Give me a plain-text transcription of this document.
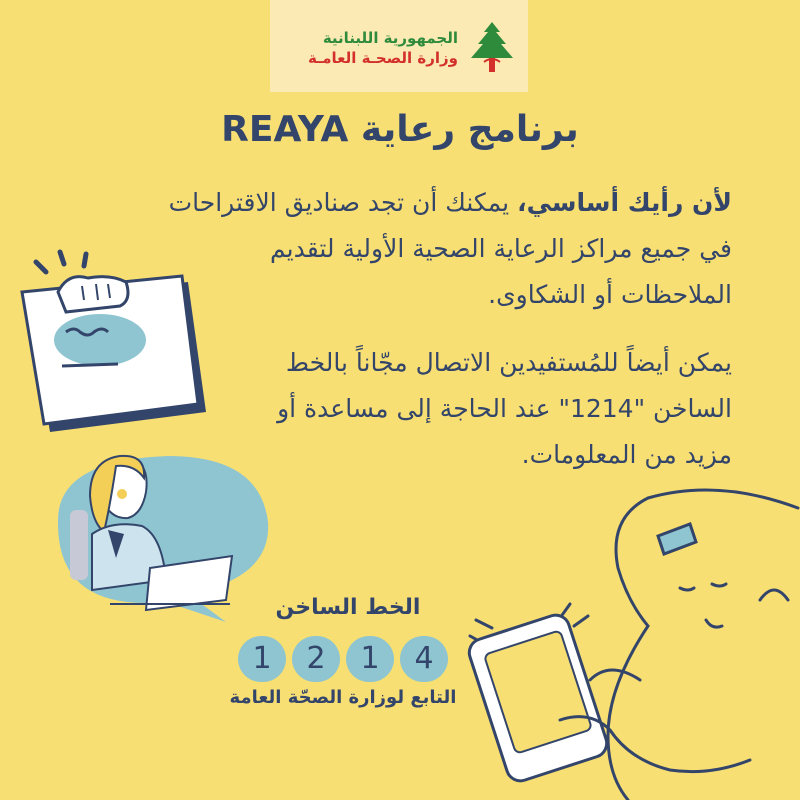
الجمهورية اللبنانية
وزارة الصحـة العامـة
برنامج رعاية REAYA
لأن رأيك أساسي، يمكنك أن تجد صناديق الاقتراحات في جميع مراكز الرعاية الصحية الأولية لتقديم الملاحظات أو الشكاوى.
يمكن أيضاً للمُستفيدين الاتصال مجّاناً بالخط الساخن "1214" عند الحاجة إلى مساعدة أو مزيد من المعلومات.
الخط الساخن
1	2	1	4
التابع لوزارة الصحّة العامة
